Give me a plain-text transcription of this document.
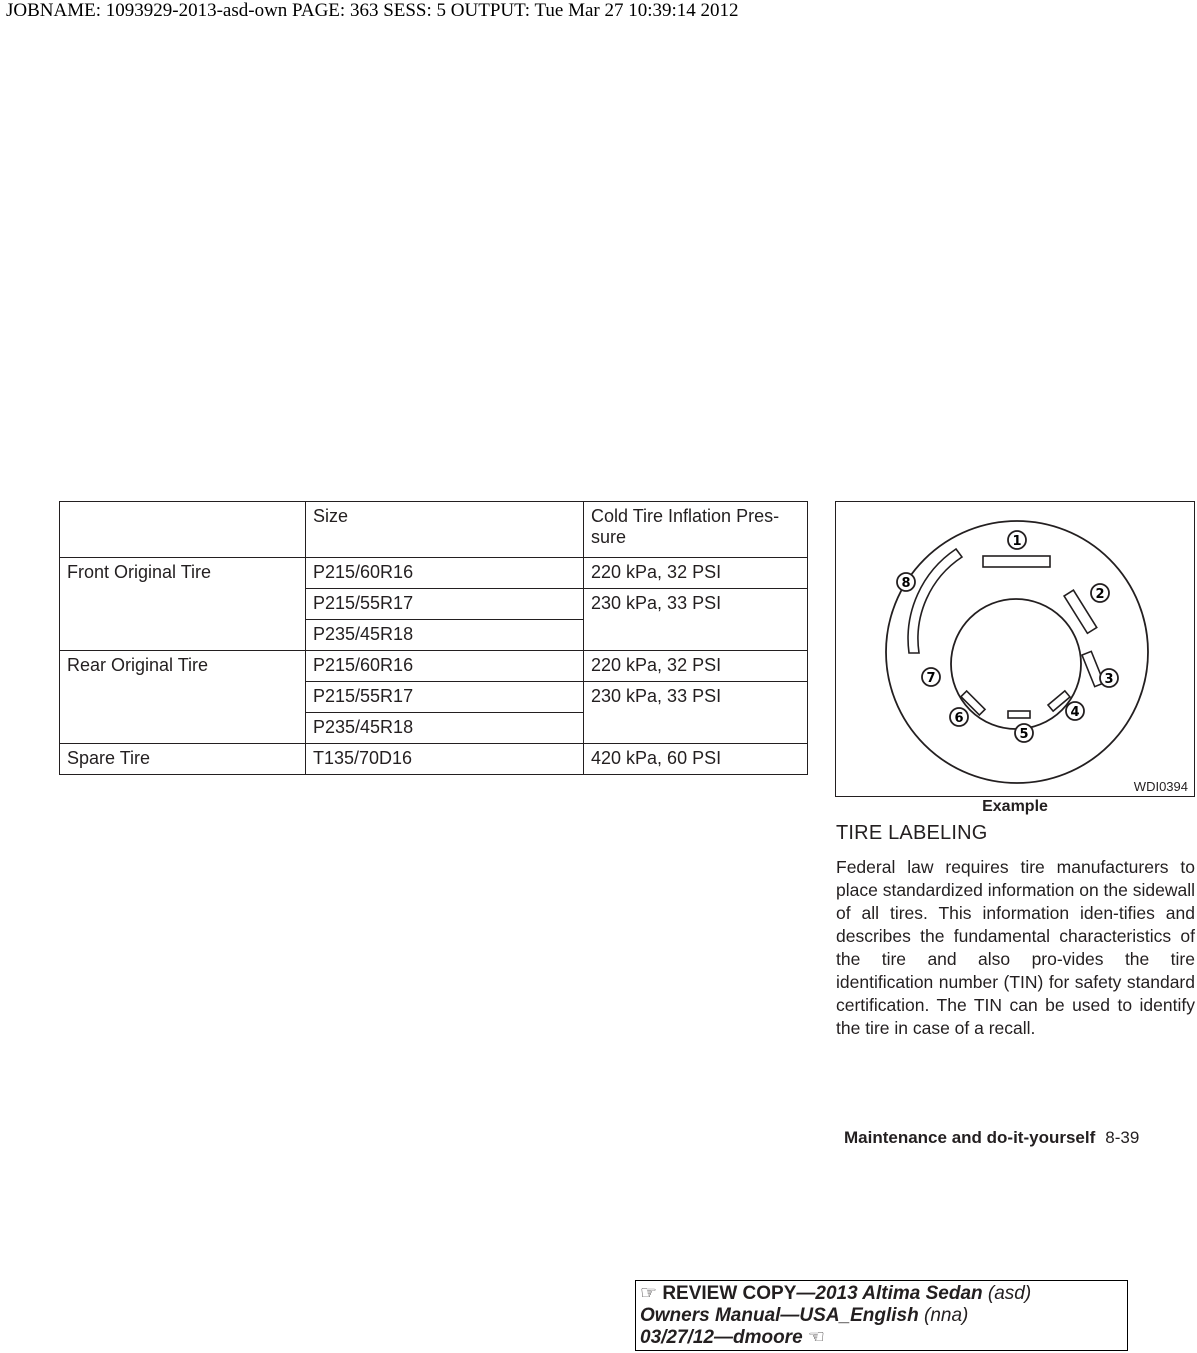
JOBNAME: 1093929-2013-asd-own PAGE: 363 SESS: 5 OUTPUT: Tue Mar 27 10:39:14 2012
	Size	Cold Tire Inflation Pres-sure
Front Original Tire	P215/60R16	220 kPa, 32 PSI
	P215/55R17	230 kPa, 33 PSI
	P235/45R18	
Rear Original Tire	P215/60R16	220 kPa, 32 PSI
	P215/55R17	230 kPa, 33 PSI
	P235/45R18	
Spare Tire	T135/70D16	420 kPa, 60 PSI
1
2
3
4
5
6
7
8
WDI0394
Example
TIRE LABELING
Federal law requires tire manufacturers to place standardized information on the sidewall of all tires. This information iden-tifies and describes the fundamental characteristics of the tire and also pro-vides the tire identification number (TIN) for safety standard certification. The TIN can be used to identify the tire in case of a recall.
Maintenance and do-it-yourself 8-39
☞ REVIEW COPY—2013 Altima Sedan (asd)
Owners Manual—USA_English (nna)
03/27/12—dmoore ☜
